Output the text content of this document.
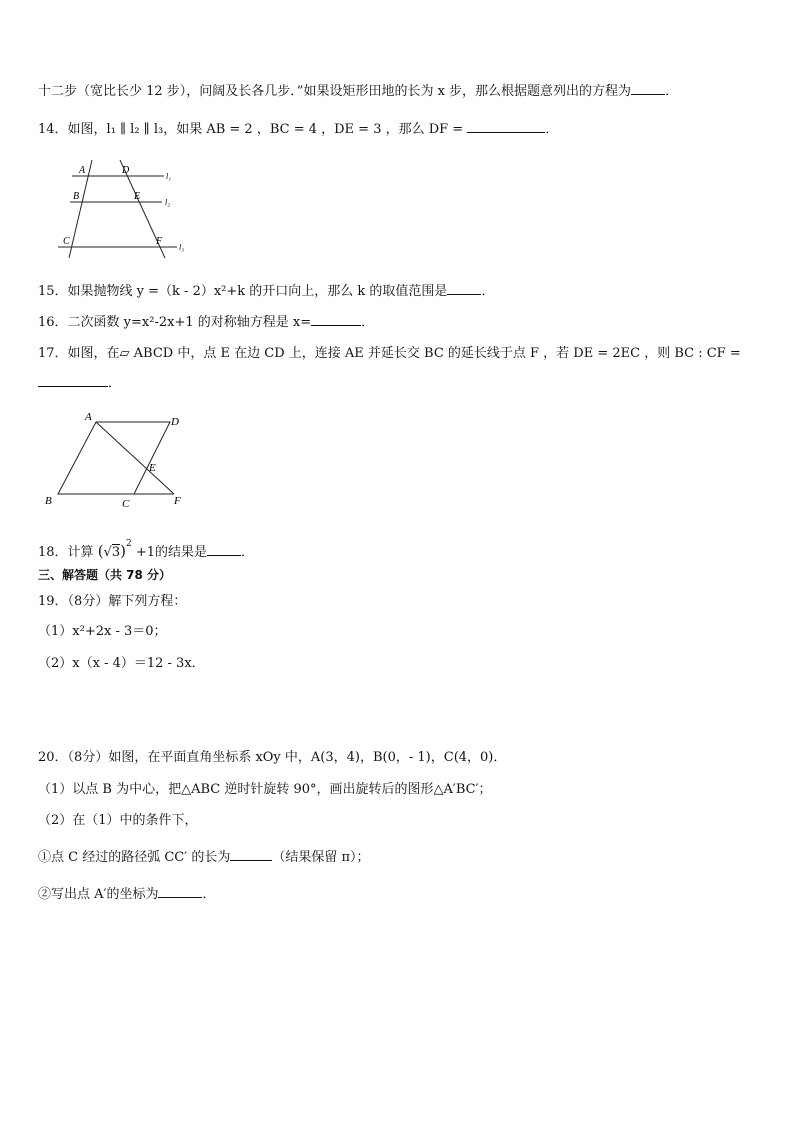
十二步（宽比长少 12 步），问阔及长各几步．”如果设矩形田地的长为 x 步，那么根据题意列出的方程为	．
14．如图，l₁ ∥ l₂ ∥ l₃，如果 AB = 2 ，BC = 4 ，DE = 3 ，那么 DF =	．
A	D
B	E
C	F
l₁
l₂
l₃
15．如果抛物线 y =（k - 2）x²+k 的开口向上，那么 k 的取值范围是	．
16．二次函数 y=x²-2x+1 的对称轴方程是 x=	．
17．如图，在▱ ABCD 中，点 E 在边 CD 上，连接 AE 并延长交 BC 的延长线于点 F ，若 DE = 2EC ，则 BC : CF =
．
A	D
E
B	C	F
18．计算 $(√3)^2 +1$的结果是	．
三、解答题（共 78 分）
19．（8分）解下列方程：
（1）x²+2x - 3＝0；
（2）x（x - 4）＝12 - 3x．
20．（8分）如图，在平面直角坐标系 xOy 中，A(3，4)，B(0，- 1)，C(4，0)．
（1）以点 B 为中心，把△ABC 逆时针旋转 90°，画出旋转后的图形△A′BC′；
（2）在（1）中的条件下，
①点 C 经过的路径弧 CC′ 的长为	（结果保留 π）；
②写出点 A′的坐标为	．
